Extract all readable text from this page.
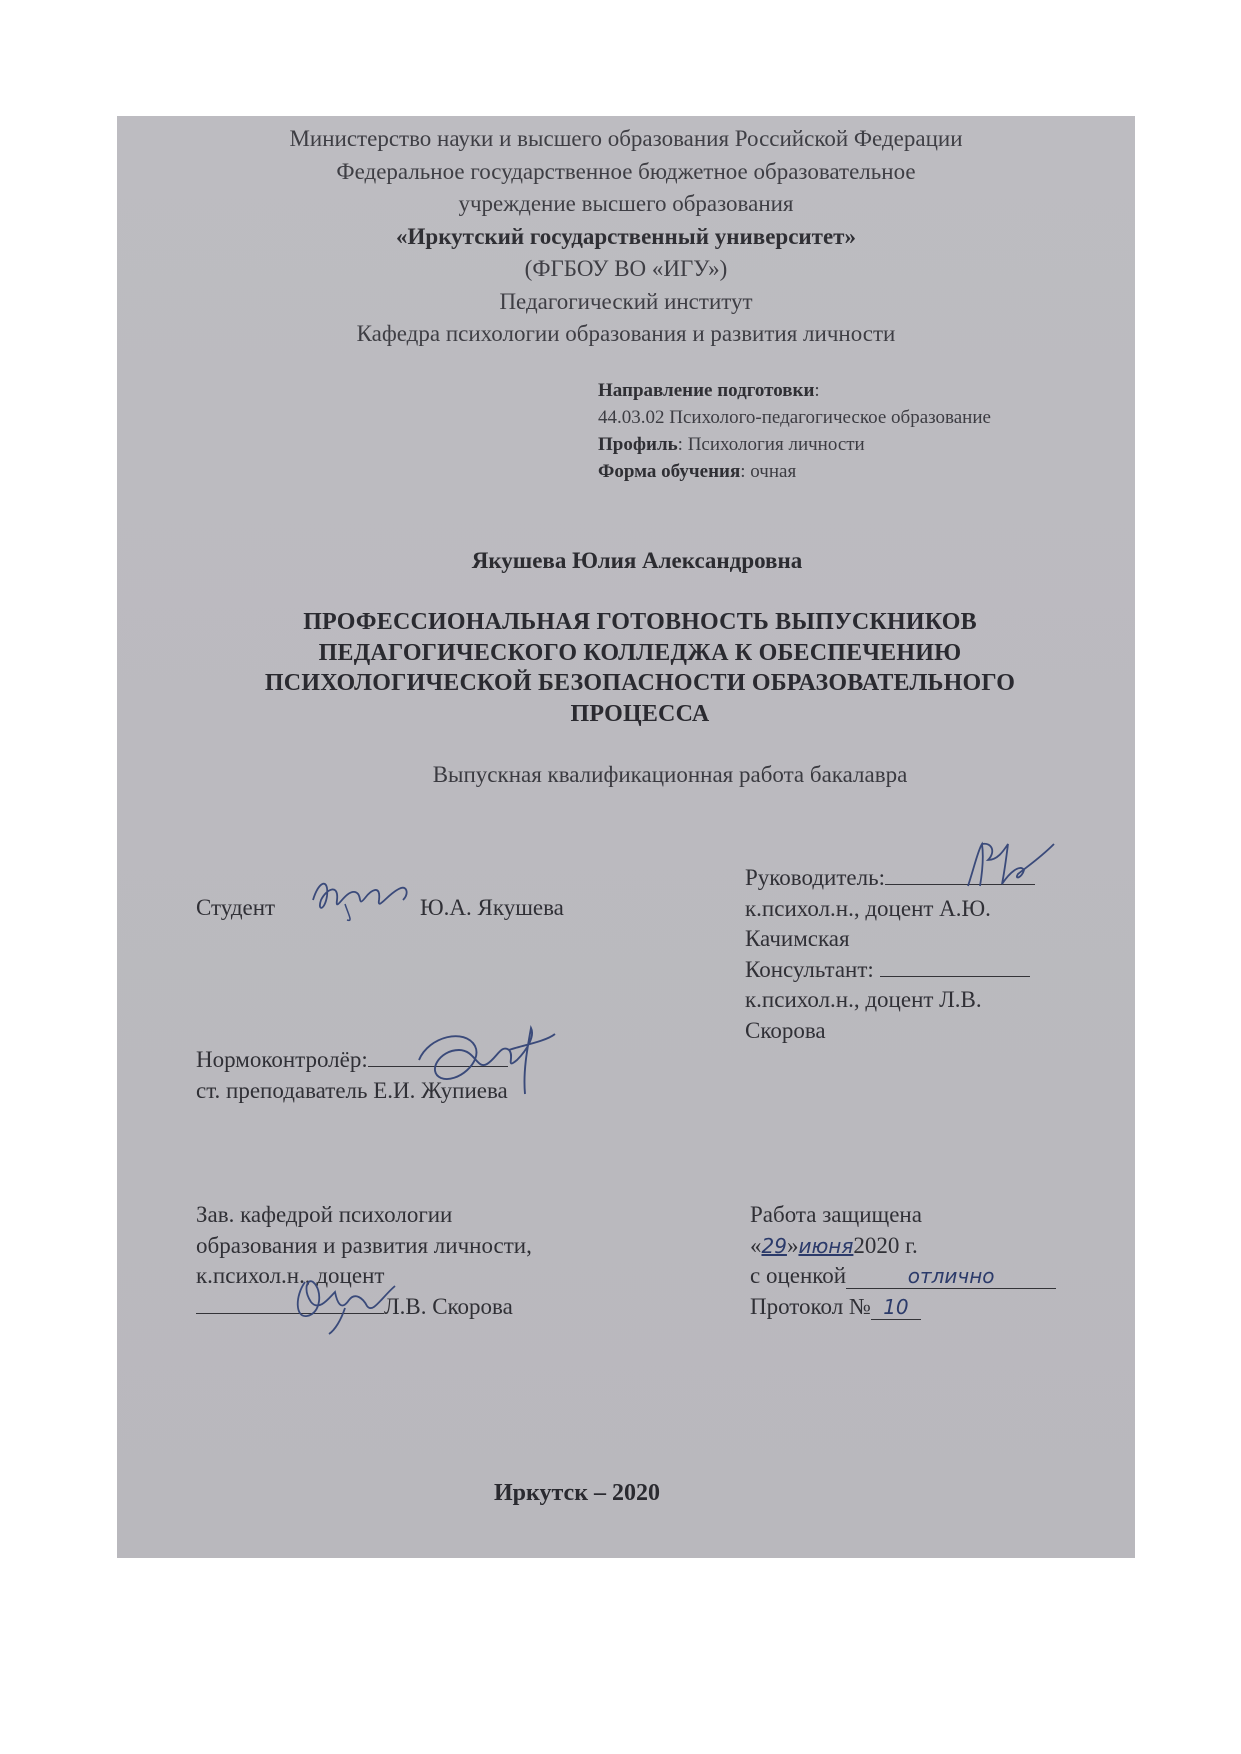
Министерство науки и высшего образования Российской Федерации
Федеральное государственное бюджетное образовательное
учреждение высшего образования
«Иркутский государственный университет»
(ФГБОУ ВО «ИГУ»)
Педагогический институт
Кафедра психологии образования и развития личности
Направление подготовки:
44.03.02 Психолого-педагогическое образование
Профиль: Психология личности
Форма обучения: очная
Якушева Юлия Александровна
ПРОФЕССИОНАЛЬНАЯ ГОТОВНОСТЬ ВЫПУСКНИКОВ
ПЕДАГОГИЧЕСКОГО КОЛЛЕДЖА К ОБЕСПЕЧЕНИЮ
ПСИХОЛОГИЧЕСКОЙ БЕЗОПАСНОСТИ ОБРАЗОВАТЕЛЬНОГО
ПРОЦЕССА
Выпускная квалификационная работа бакалавра
Студент	Ю.А. Якушева
Руководитель:
к.психол.н., доцент А.Ю.
Качимская
Консультант:
к.психол.н., доцент Л.В.
Скорова
Нормоконтролёр:
ст. преподаватель Е.И. Жупиева
Зав. кафедрой психологии
образования и развития личности,
к.психол.н., доцент
Л.В. Скорова
Работа защищена
«29»июня2020 г.
с оценкой	отлично
Протокол № 10
Иркутск – 2020
